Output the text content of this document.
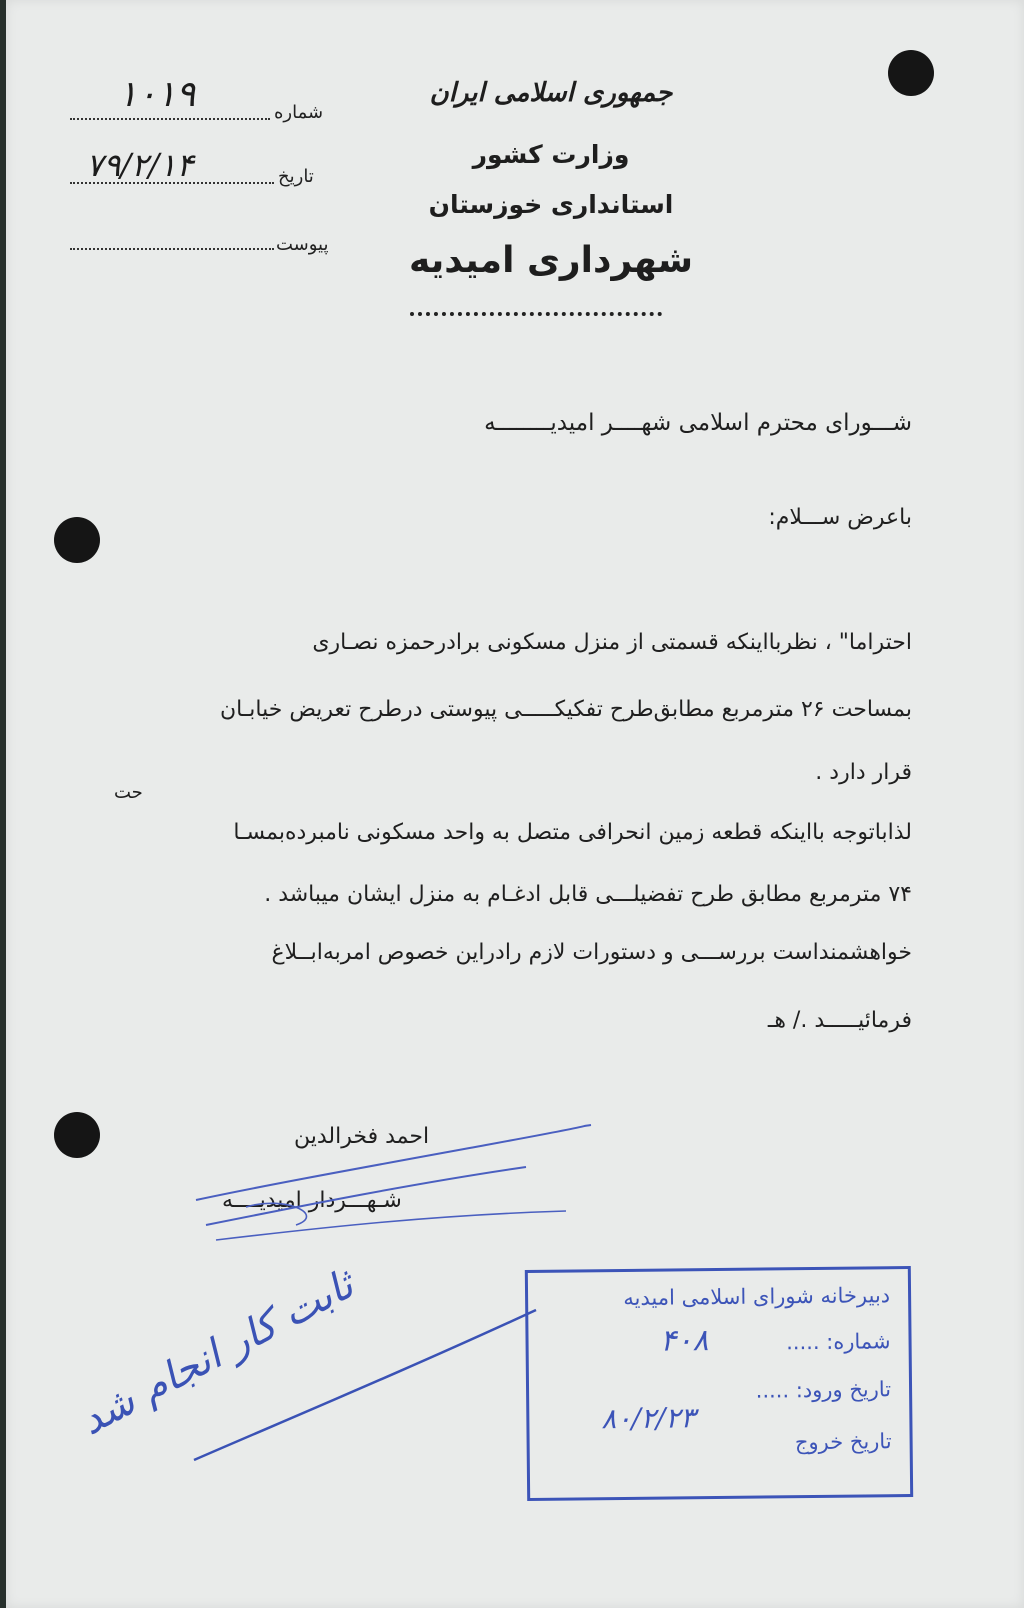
جمهوری اسلامی ایران
وزارت کشور
استانداری خوزستان
شهرداری امیدیه
شماره
۱۰۱۹
تاریخ
۷۹/۲/۱۴
پیوست
شـــورای محترم اسلامی شهــــر امیدیــــــــه
باعرض ســـلام:
احتراما" ، نظربااینکه قسمتی از منزل مسکونی برادرحمزه نصـاری
بمساحت ۲۶ مترمربع مطابق‌طرح تفکیکـــــی پیوستی درطرح تعریض خیابـان
قرار دارد .
حت
لذاباتوجه بااینکه قطعه زمین انحرافی متصل به واحد مسکونی نامبرده‌بمسـا
۷۴ مترمربع مطابق طرح تفضیلـــی قابل ادغـام به منزل ایشان میباشد .
خواهشمنداست بررســـی و دستورات لازم رادراین خصوص امربه‌ابــلاغ
فرمائیـــــد ./ هـ
احمد فخرالدین
شـهـــردار امیدیــــه
ثابت کار انجام شد	دبیرخانه شورای اسلامی امیدیه
شماره: .....
۴۰۸
تاریخ ورود: .....
۸۰/۲/۲۳
تاریخ خروج
